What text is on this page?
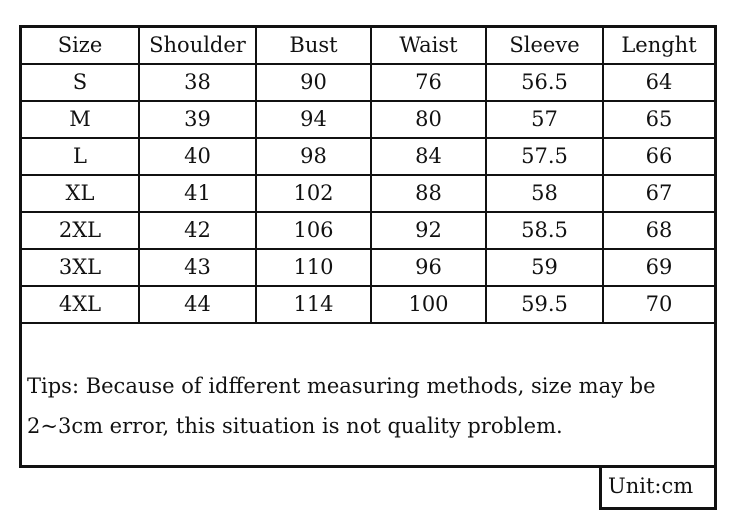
Size	Shoulder	Bust	Waist	Sleeve	Lenght
S	38	90	76	56.5	64
M	39	94	80	57	65
L	40	98	84	57.5	66
XL	41	102	88	58	67
2XL	42	106	92	58.5	68
3XL	43	110	96	59	69
4XL	44	114	100	59.5	70
Tips: Because of idfferent measuring methods, size may be
2~3cm error, this situation is not quality problem.
Unit:cm
